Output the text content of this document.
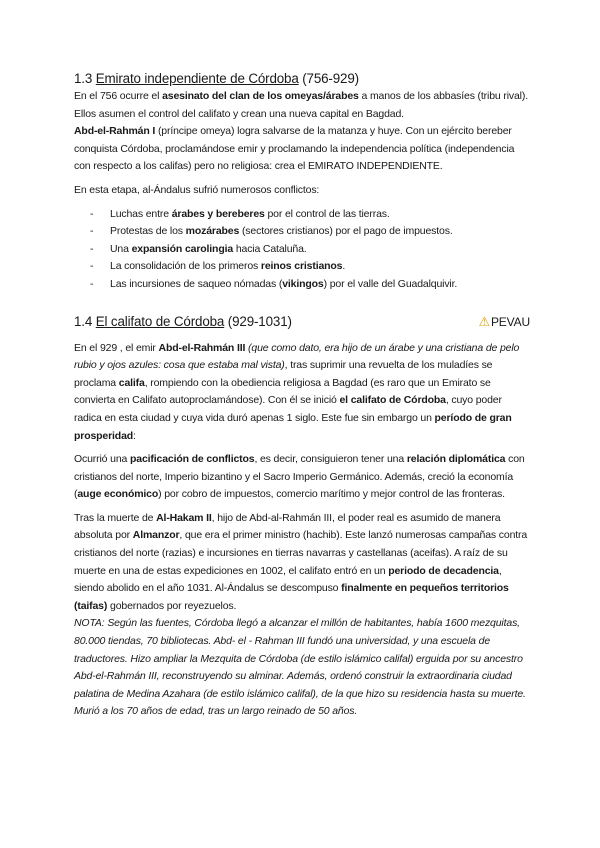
1.3 Emirato independiente de Córdoba (756-929)

En el 756 ocurre el asesinato del clan de los omeyas/árabes a manos de los abbasíes (tribu rival). Ellos asumen el control del califato y crean una nueva capital en Bagdad.

Abd-el-Rahmán I (príncipe omeya) logra salvarse de la matanza y huye. Con un ejército bereber conquista Córdoba, proclamándose emir y proclamando la independencia política (independencia con respecto a los califas) pero no religiosa: crea el EMIRATO INDEPENDIENTE.

En esta etapa, al-Ándalus sufrió numerosos conflictos:

- Luchas entre árabes y bereberes por el control de las tierras.
- Protestas de los mozárabes (sectores cristianos) por el pago de impuestos.
- Una expansión carolingia hacia Cataluña.
- La consolidación de los primeros reinos cristianos.
- Las incursiones de saqueo nómadas (vikingos) por el valle del Guadalquivir.
1.4 El califato de Córdoba (929-1031)	⚠PEVAU

En el 929 , el emir Abd-el-Rahmán III (que como dato, era hijo de un árabe y una cristiana de pelo rubio y ojos azules: cosa que estaba mal vista), tras suprimir una revuelta de los muladíes se proclama califa, rompiendo con la obediencia religiosa a Bagdad (es raro que un Emirato se convierta en Califato autoproclamándose). Con él se inició el califato de Córdoba, cuyo poder radica en esta ciudad y cuya vida duró apenas 1 siglo. Este fue sin embargo un período de gran prosperidad:

Ocurrió una pacificación de conflictos, es decir, consiguieron tener una relación diplomática con cristianos del norte, Imperio bizantino y el Sacro Imperio Germánico. Además, creció la economía (auge económico) por cobro de impuestos, comercio marítimo y mejor control de las fronteras.

Tras la muerte de Al-Hakam II, hijo de Abd-al-Rahmán III, el poder real es asumido de manera absoluta por Almanzor, que era el primer ministro (hachib). Este lanzó numerosas campañas contra cristianos del norte (razias) e incursiones en tierras navarras y castellanas (aceifas). A raíz de su muerte en una de estas expediciones en 1002, el califato entró en un periodo de decadencia, siendo abolido en el año 1031. Al-Ándalus se descompuso finalmente en pequeños territorios (taifas) gobernados por reyezuelos.

NOTA: Según las fuentes, Córdoba llegó a alcanzar el millón de habitantes, había 1600 mezquitas, 80.000 tiendas, 70 bibliotecas. Abd- el - Rahman III fundó una universidad, y una escuela de traductores. Hizo ampliar la Mezquita de Córdoba (de estilo islámico califal) erguida por su ancestro Abd-el-Rahmán III, reconstruyendo su alminar. Además, ordenó construir la extraordinaria ciudad palatina de Medina Azahara (de estilo islámico califal), de la que hizo su residencia hasta su muerte. Murió a los 70 años de edad, tras un largo reinado de 50 años.
